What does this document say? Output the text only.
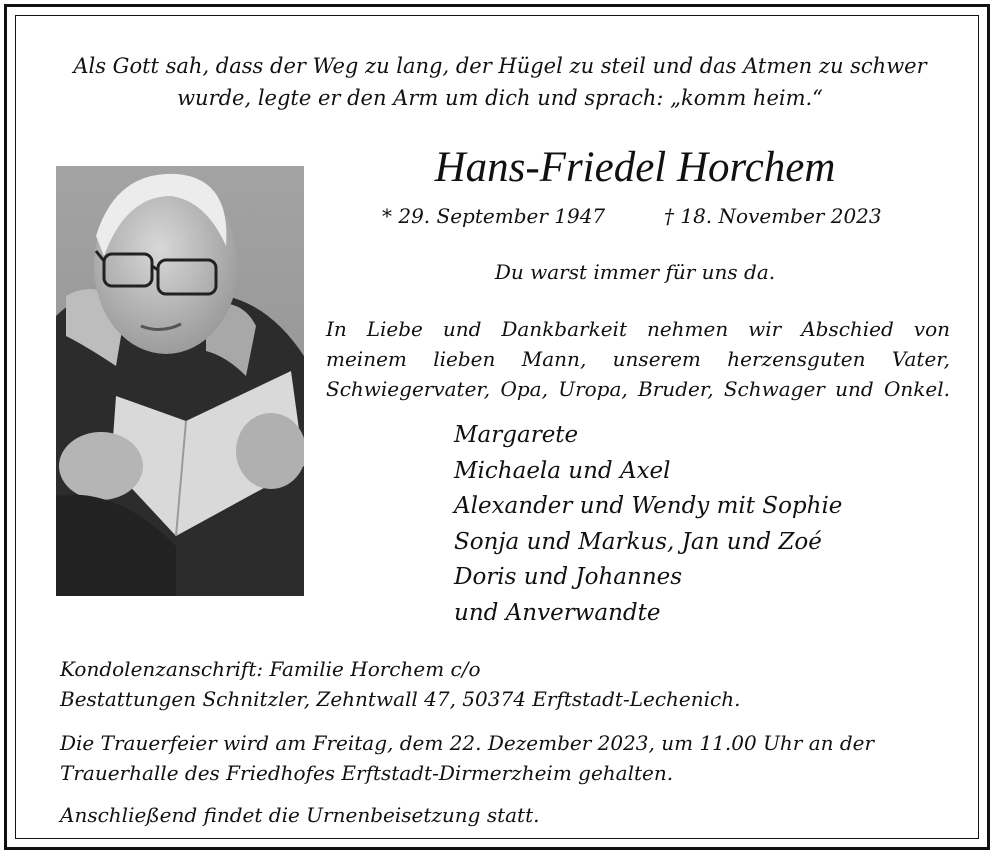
Als Gott sah, dass der Weg zu lang, der Hügel zu steil und das Atmen zu schwer
wurde, legte er den Arm um dich und sprach: „komm heim.“
Hans-Friedel Horchem
* 29. September 1947	† 18. November 2023
Du warst immer für uns da.
In Liebe und Dankbarkeit nehmen wir Abschied von
meinem lieben Mann, unserem herzensguten Vater,
Schwiegervater, Opa, Uropa, Bruder, Schwager und Onkel.
Margarete
Michaela und Axel
Alexander und Wendy mit Sophie
Sonja und Markus, Jan und Zoé
Doris und Johannes
und Anverwandte
Kondolenzanschrift: Familie Horchem c/o
Bestattungen Schnitzler, Zehntwall 47, 50374 Erftstadt-Lechenich.
Die Trauerfeier wird am Freitag, dem 22. Dezember 2023, um 11.00 Uhr an der
Trauerhalle des Friedhofes Erftstadt-Dirmerzheim gehalten.
Anschließend findet die Urnenbeisetzung statt.
